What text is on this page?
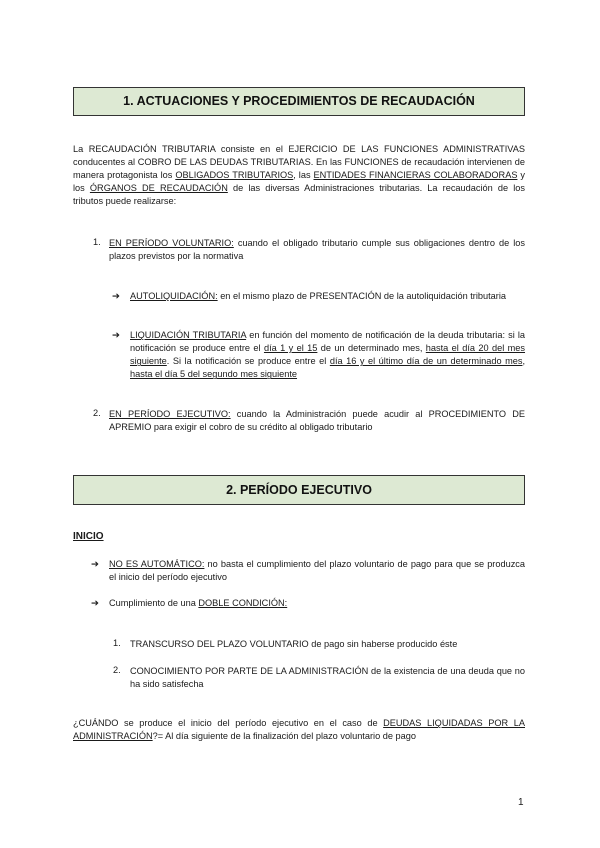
1. ACTUACIONES Y PROCEDIMIENTOS DE RECAUDACIÓN
La RECAUDACIÓN TRIBUTARIA consiste en el EJERCICIO DE LAS FUNCIONES ADMINISTRATIVAS conducentes al COBRO DE LAS DEUDAS TRIBUTARIAS. En las FUNCIONES de recaudación intervienen de manera protagonista los OBLIGADOS TRIBUTARIOS, las ENTIDADES FINANCIERAS COLABORADORAS y los ÓRGANOS DE RECAUDACIÓN de las diversas Administraciones tributarias. La recaudación de los tributos puede realizarse:
1. EN PERÍODO VOLUNTARIO: cuando el obligado tributario cumple sus obligaciones dentro de los plazos previstos por la normativa
➔ AUTOLIQUIDACIÓN: en el mismo plazo de PRESENTACIÓN de la autoliquidación tributaria
➔ LIQUIDACIÓN TRIBUTARIA en función del momento de notificación de la deuda tributaria: si la notificación se produce entre el día 1 y el 15 de un determinado mes, hasta el día 20 del mes siguiente. Si la notificación se produce entre el día 16 y el último día de un determinado mes, hasta el día 5 del segundo mes siguiente
2. EN PERÍODO EJECUTIVO: cuando la Administración puede acudir al PROCEDIMIENTO DE APREMIO para exigir el cobro de su crédito al obligado tributario
2. PERÍODO EJECUTIVO
INICIO
➔ NO ES AUTOMÁTICO: no basta el cumplimiento del plazo voluntario de pago para que se produzca el inicio del período ejecutivo
➔ Cumplimiento de una DOBLE CONDICIÓN:
1. TRANSCURSO DEL PLAZO VOLUNTARIO de pago sin haberse producido éste
2. CONOCIMIENTO POR PARTE DE LA ADMINISTRACIÓN de la existencia de una deuda que no ha sido satisfecha
¿CUÁNDO se produce el inicio del período ejecutivo en el caso de DEUDAS LIQUIDADAS POR LA ADMINISTRACIÓN?= Al día siguiente de la finalización del plazo voluntario de pago
1
